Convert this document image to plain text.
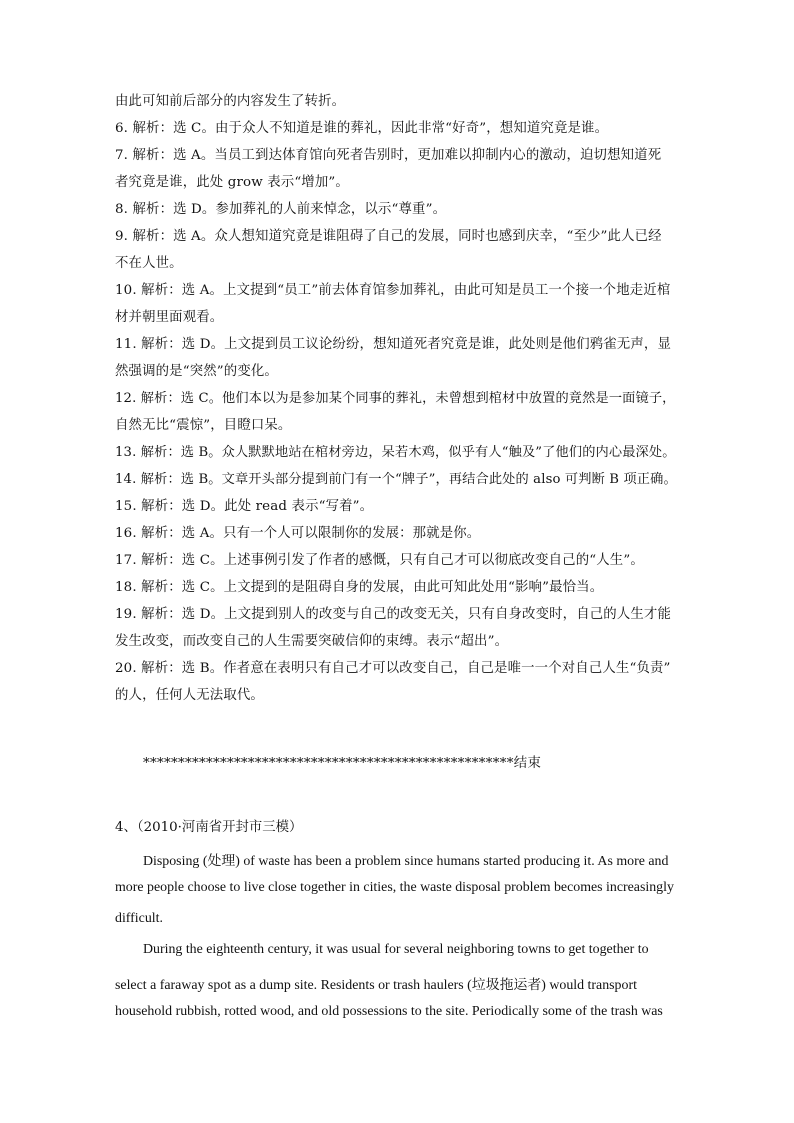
由此可知前后部分的内容发生了转折。
6. 解析：选 C。由于众人不知道是谁的葬礼，因此非常“好奇”，想知道究竟是谁。
7. 解析：选 A。当员工到达体育馆向死者告别时，更加难以抑制内心的激动，迫切想知道死
者究竟是谁，此处 grow 表示“增加”。
8. 解析：选 D。参加葬礼的人前来悼念，以示“尊重”。
9. 解析：选 A。众人想知道究竟是谁阻碍了自己的发展，同时也感到庆幸，“至少”此人已经
不在人世。
10. 解析：选 A。上文提到“员工”前去体育馆参加葬礼，由此可知是员工一个接一个地走近棺
材并朝里面观看。
11. 解析：选 D。上文提到员工议论纷纷，想知道死者究竟是谁，此处则是他们鸦雀无声，显
然强调的是“突然”的变化。
12. 解析：选 C。他们本以为是参加某个同事的葬礼，未曾想到棺材中放置的竟然是一面镜子，
自然无比“震惊”，目瞪口呆。
13. 解析：选 B。众人默默地站在棺材旁边，呆若木鸡，似乎有人“触及”了他们的内心最深处。
14. 解析：选 B。文章开头部分提到前门有一个“牌子”，再结合此处的 also 可判断 B 项正确。
15. 解析：选 D。此处 read 表示“写着”。
16. 解析：选 A。只有一个人可以限制你的发展：那就是你。
17. 解析：选 C。上述事例引发了作者的感慨，只有自己才可以彻底改变自己的“人生”。
18. 解析：选 C。上文提到的是阻碍自身的发展，由此可知此处用“影响”最恰当。
19. 解析：选 D。上文提到别人的改变与自己的改变无关，只有自身改变时，自己的人生才能
发生改变，而改变自己的人生需要突破信仰的束缚。表示“超出”。
20. 解析：选 B。作者意在表明只有自己才可以改变自己，自己是唯一一个对自己人生“负责”
的人，任何人无法取代。
*****************************************************结束
4、（2010·河南省开封市三模）
Disposing (处理) of waste has been a problem since humans started producing it. As more and
more people choose to live close together in cities, the waste disposal problem becomes increasingly
difficult.
During the eighteenth century, it was usual for several neighboring towns to get together to
select a faraway spot as a dump site. Residents or trash haulers (垃圾拖运者) would transport
household rubbish, rotted wood, and old possessions to the site. Periodically some of the trash was
